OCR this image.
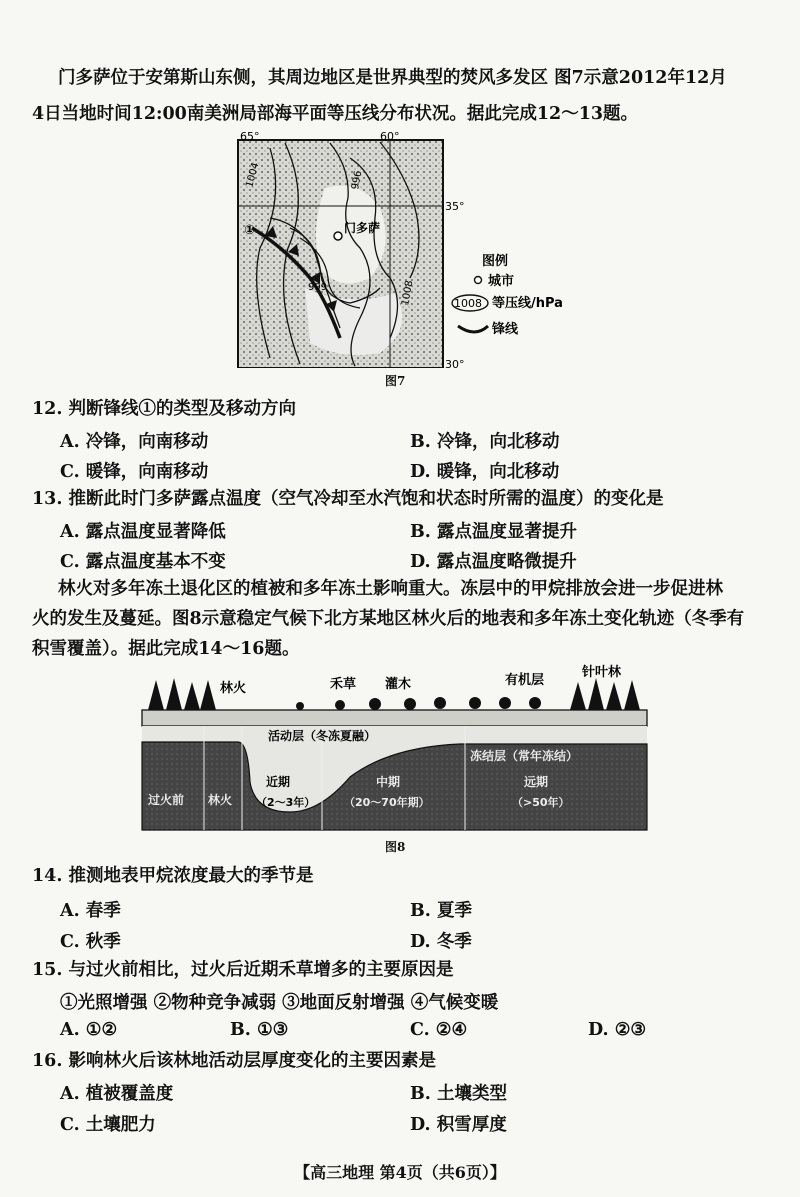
门多萨位于安第斯山东侧，其周边地区是世界典型的焚风多发区 图7示意2012年12月
4日当地时间12:00南美洲局部海平面等压线分布状况。据此完成12～13题。
门多萨
①
65°	60°
35°
30°
1004	996
999	1008
图例
城市
1008 等压线/hPa
锋线
图7
12. 判断锋线①的类型及移动方向
A. 冷锋，向南移动	B. 冷锋，向北移动
C. 暖锋，向南移动	D. 暖锋，向北移动
13. 推断此时门多萨露点温度（空气冷却至水汽饱和状态时所需的温度）的变化是
A. 露点温度显著降低	B. 露点温度显著提升
C. 露点温度基本不变	D. 露点温度略微提升
林火对多年冻土退化区的植被和多年冻土影响重大。冻层中的甲烷排放会进一步促进林
火的发生及蔓延。图8示意稳定气候下北方某地区林火后的地表和多年冻土变化轨迹（冬季有
积雪覆盖）。据此完成14～16题。
林火	禾草 灌木	有机层
针叶林
活动层（冬冻夏融）
冻结层（常年冻结）
过火前 林火
近期
（2～3年）
中期
（20～70年期）
远期
（>50年）
图8
14. 推测地表甲烷浓度最大的季节是
A. 春季	B. 夏季
C. 秋季	D. 冬季
15. 与过火前相比，过火后近期禾草增多的主要原因是
①光照增强 ②物种竞争减弱 ③地面反射增强 ④气候变暖
A. ①②	B. ①③	C. ②④	D. ②③
16. 影响林火后该林地活动层厚度变化的主要因素是
A. 植被覆盖度	B. 土壤类型
C. 土壤肥力	D. 积雪厚度
【高三地理 第4页（共6页）】
